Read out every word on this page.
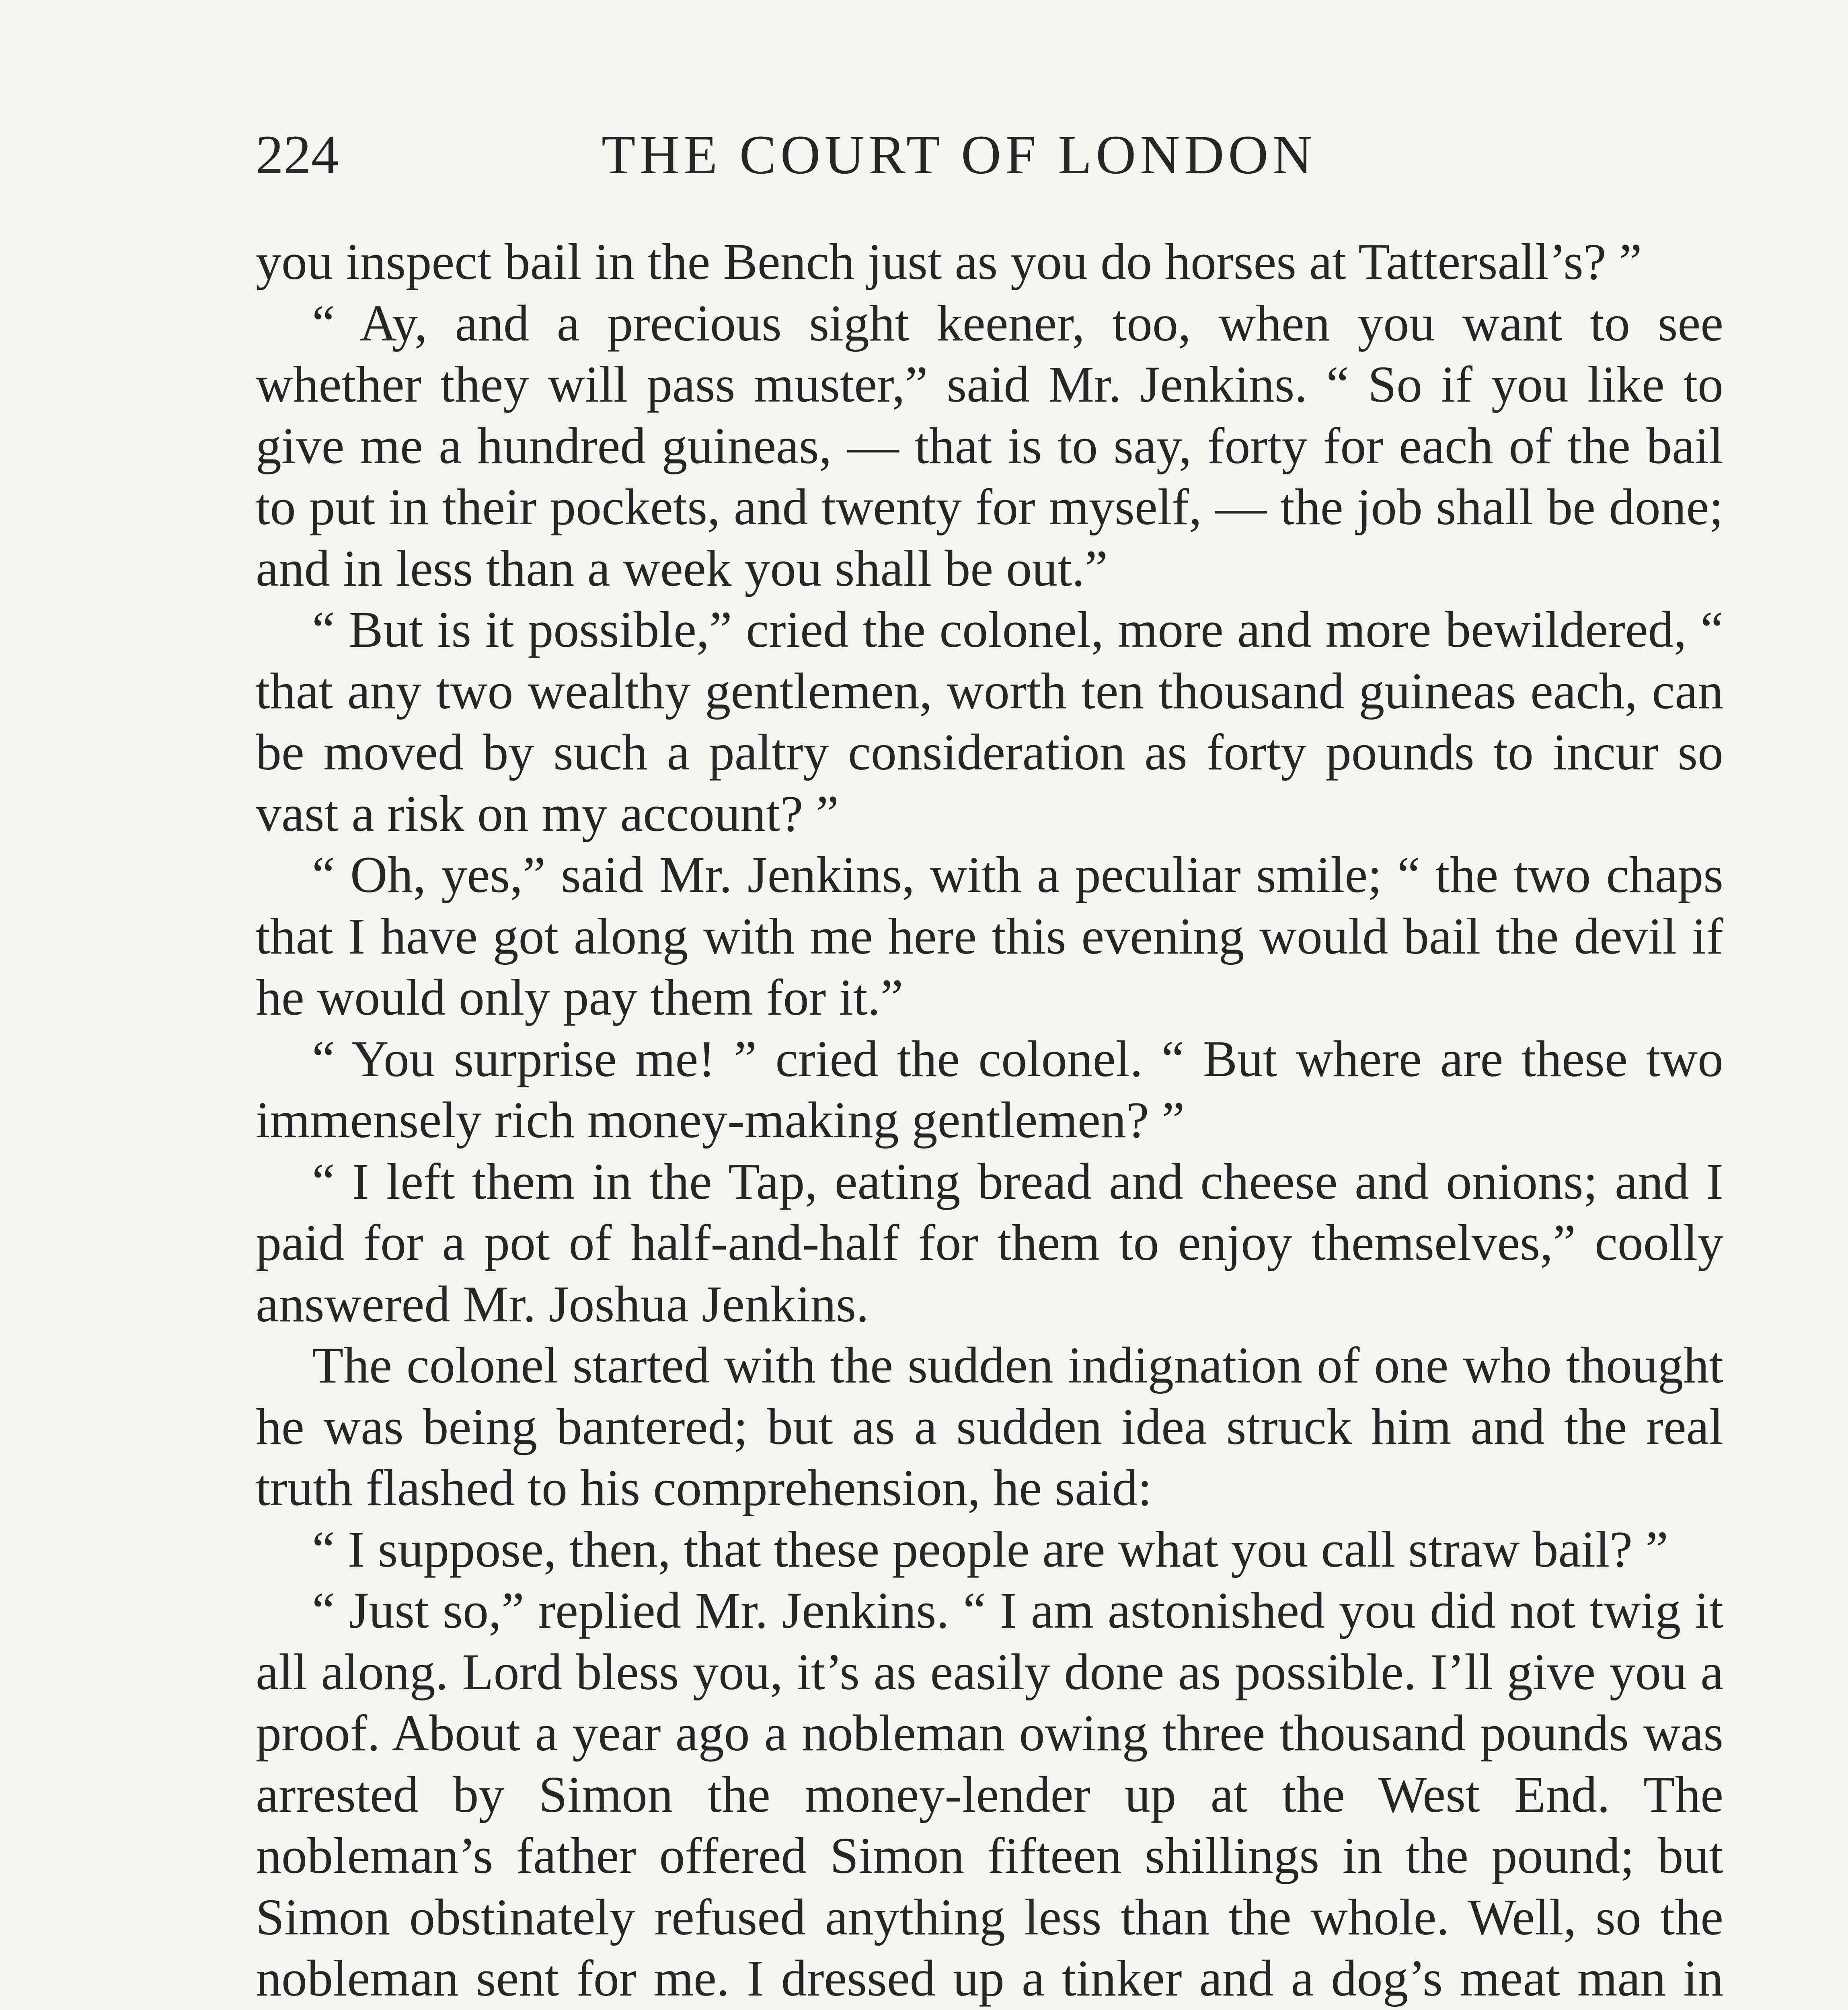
224	THE COURT OF LONDON

you inspect bail in the Bench just as you do horses at Tattersall’s? ”

“ Ay, and a precious sight keener, too, when you want to see whether they will pass muster,” said Mr. Jenkins. “ So if you like to give me a hundred guineas, — that is to say, forty for each of the bail to put in their pockets, and twenty for myself, — the job shall be done; and in less than a week you shall be out.”

“ But is it possible,” cried the colonel, more and more bewildered, “ that any two wealthy gentlemen, worth ten thousand guineas each, can be moved by such a paltry consideration as forty pounds to incur so vast a risk on my account? ”

“ Oh, yes,” said Mr. Jenkins, with a peculiar smile; “ the two chaps that I have got along with me here this evening would bail the devil if he would only pay them for it.”

“ You surprise me! ” cried the colonel. “ But where are these two immensely rich money-making gentlemen? ”

“ I left them in the Tap, eating bread and cheese and onions; and I paid for a pot of half-and-half for them to enjoy themselves,” coolly answered Mr. Joshua Jenkins.

The colonel started with the sudden indignation of one who thought he was being bantered; but as a sudden idea struck him and the real truth flashed to his comprehension, he said:

“ I suppose, then, that these people are what you call straw bail? ”

“ Just so,” replied Mr. Jenkins. “ I am astonished you did not twig it all along. Lord bless you, it’s as easily done as possible. I’ll give you a proof. About a year ago a nobleman owing three thousand pounds was arrested by Simon the money-lender up at the West End. The nobleman’s father offered Simon fifteen shillings in the pound; but Simon obstinately refused anything less than the whole. Well, so the nobleman sent for me. I dressed up a tinker and a dog’s meat man in
